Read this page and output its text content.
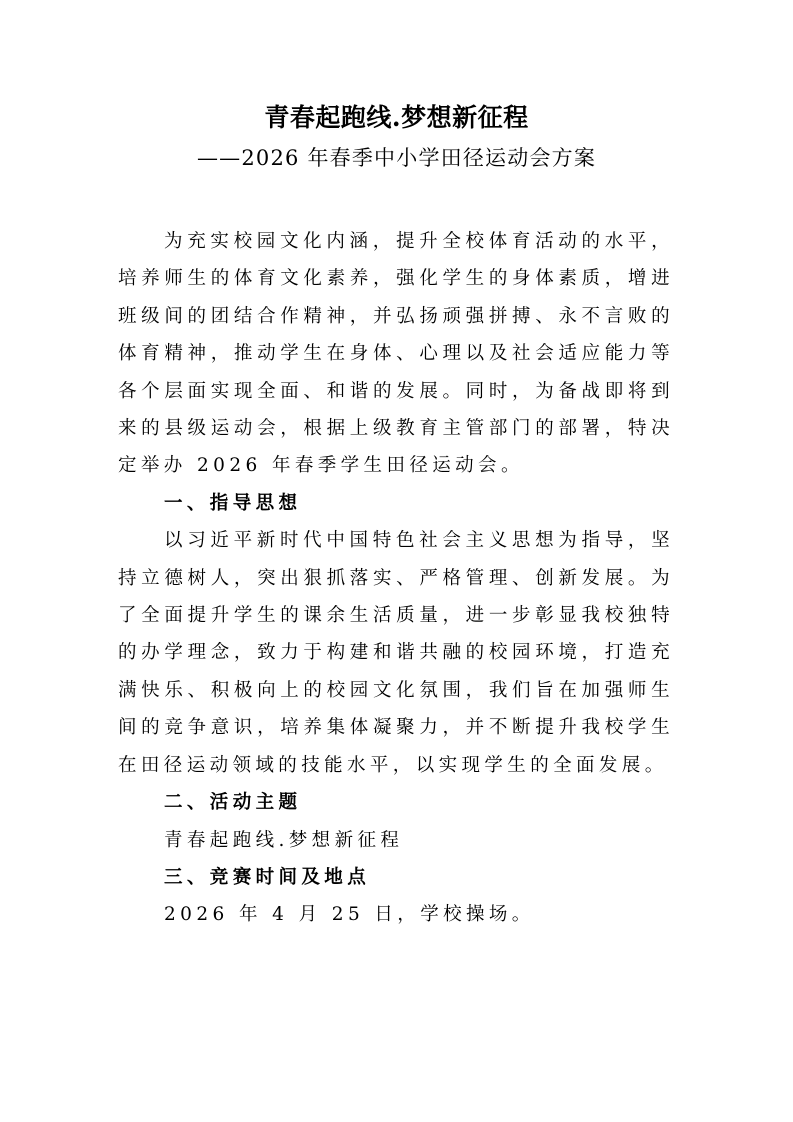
青春起跑线.梦想新征程
——2026 年春季中小学田径运动会方案

为充实校园文化内涵，提升全校体育活动的水平，培养师生的体育文化素养，强化学生的身体素质，增进班级间的团结合作精神，并弘扬顽强拼搏、永不言败的体育精神，推动学生在身体、心理以及社会适应能力等各个层面实现全面、和谐的发展。同时，为备战即将到来的县级运动会，根据上级教育主管部门的部署，特决定举办 2026 年春季学生田径运动会。

一、指导思想

以习近平新时代中国特色社会主义思想为指导，坚持立德树人，突出狠抓落实、严格管理、创新发展。为了全面提升学生的课余生活质量，进一步彰显我校独特的办学理念，致力于构建和谐共融的校园环境，打造充满快乐、积极向上的校园文化氛围，我们旨在加强师生间的竞争意识，培养集体凝聚力，并不断提升我校学生在田径运动领域的技能水平，以实现学生的全面发展。

二、活动主题

青春起跑线.梦想新征程

三、竞赛时间及地点

2026 年 4 月 25 日，学校操场。
